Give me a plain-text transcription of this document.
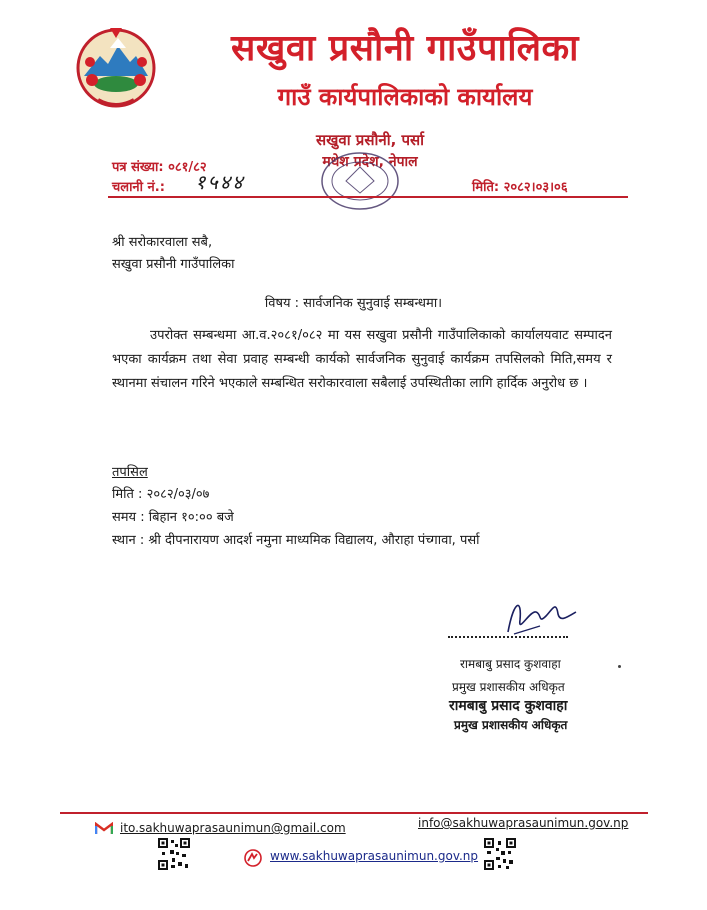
सखुवा प्रसौनी गाउँपालिका
गाउँ कार्यपालिकाको कार्यालय
सखुवा प्रसौनी, पर्सा
मधेश प्रदेश, नेपाल
पत्र संख्या: ०८१/८२
चलानी नं.: १५४४	मिति: २०८२।०३।०६
श्री सरोकारवाला सबै,
सखुवा प्रसौनी गाउँपालिका
विषय : सार्वजनिक सुनुवाई सम्बन्धमा।
उपरोक्त सम्बन्धमा आ.व.२०८१/०८२ मा यस सखुवा प्रसौनी गाउँपालिकाको कार्यालयवाट सम्पादन भएका कार्यक्रम तथा सेवा प्रवाह सम्बन्धी कार्यको सार्वजनिक सुनुवाई कार्यक्रम तपसिलको मिति,समय र स्थानमा संचालन गरिने भएकाले सम्बन्धित सरोकारवाला सबैलाई उपस्थितीका लागि हार्दिक अनुरोध छ ।
तपसिल
मिति : २०८२/०३/०७
समय : बिहान १०:०० बजे
स्थान : श्री दीपनारायण आदर्श नमुना माध्यमिक विद्यालय, औराहा पंच्गावा, पर्सा
रामबाबु प्रसाद कुशवाहा
प्रमुख प्रशासकीय अधिकृत
रामबाबु प्रसाद कुशवाहा
प्रमुख प्रशासकीय अधिकृत
ito.sakhuwaprasaunimun@gmail.com	info@sakhuwaprasaunimun.gov.np
www.sakhuwaprasaunimun.gov.np
